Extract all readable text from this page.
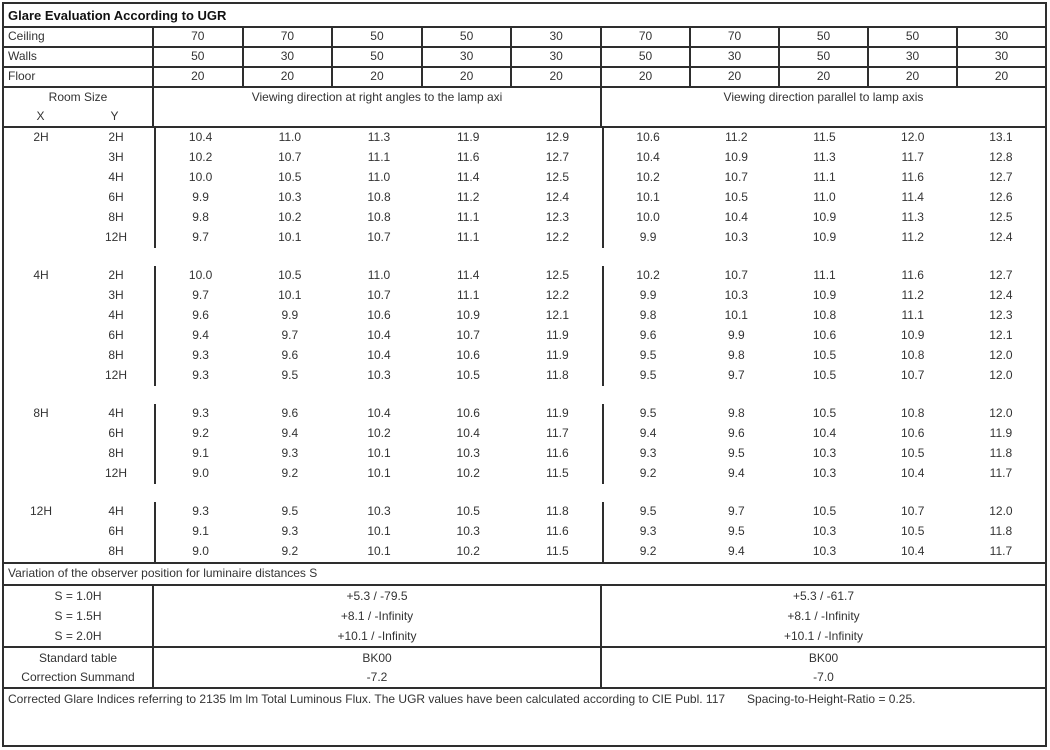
Glare Evaluation According to UGR
Ceiling	70	70	50	50	30	70	70	50	50	30
Walls	50	30	50	30	30	50	30	50	30	30
Floor	20	20	20	20	20	20	20	20	20	20
Room Size
X	Y
Viewing direction at right angles to the lamp axi	Viewing direction parallel to lamp axis
2H	2H	10.4	11.0	11.3	11.9	12.9	10.6	11.2	11.5	12.0	13.1
3H	10.2	10.7	11.1	11.6	12.7	10.4	10.9	11.3	11.7	12.8
4H	10.0	10.5	11.0	11.4	12.5	10.2	10.7	11.1	11.6	12.7
6H	9.9	10.3	10.8	11.2	12.4	10.1	10.5	11.0	11.4	12.6
8H	9.8	10.2	10.8	11.1	12.3	10.0	10.4	10.9	11.3	12.5
12H	9.7	10.1	10.7	11.1	12.2	9.9	10.3	10.9	11.2	12.4
4H	2H	10.0	10.5	11.0	11.4	12.5	10.2	10.7	11.1	11.6	12.7
3H	9.7	10.1	10.7	11.1	12.2	9.9	10.3	10.9	11.2	12.4
4H	9.6	9.9	10.6	10.9	12.1	9.8	10.1	10.8	11.1	12.3
6H	9.4	9.7	10.4	10.7	11.9	9.6	9.9	10.6	10.9	12.1
8H	9.3	9.6	10.4	10.6	11.9	9.5	9.8	10.5	10.8	12.0
12H	9.3	9.5	10.3	10.5	11.8	9.5	9.7	10.5	10.7	12.0
8H	4H	9.3	9.6	10.4	10.6	11.9	9.5	9.8	10.5	10.8	12.0
6H	9.2	9.4	10.2	10.4	11.7	9.4	9.6	10.4	10.6	11.9
8H	9.1	9.3	10.1	10.3	11.6	9.3	9.5	10.3	10.5	11.8
12H	9.0	9.2	10.1	10.2	11.5	9.2	9.4	10.3	10.4	11.7
12H	4H	9.3	9.5	10.3	10.5	11.8	9.5	9.7	10.5	10.7	12.0
6H	9.1	9.3	10.1	10.3	11.6	9.3	9.5	10.3	10.5	11.8
8H	9.0	9.2	10.1	10.2	11.5	9.2	9.4	10.3	10.4	11.7
Variation of the observer position for luminaire distances S
S = 1.0H	+5.3 / -79.5	+5.3 / -61.7
S = 1.5H	+8.1 / -Infinity	+8.1 / -Infinity
S = 2.0H	+10.1 / -Infinity	+10.1 / -Infinity
Standard table	BK00	BK00
Correction Summand	-7.2	-7.0
Corrected Glare Indices referring to 2135 lm lm Total Luminous Flux. The UGR values have been calculated according to CIE Publ. 117 Spacing-to-Height-Ratio = 0.25.
